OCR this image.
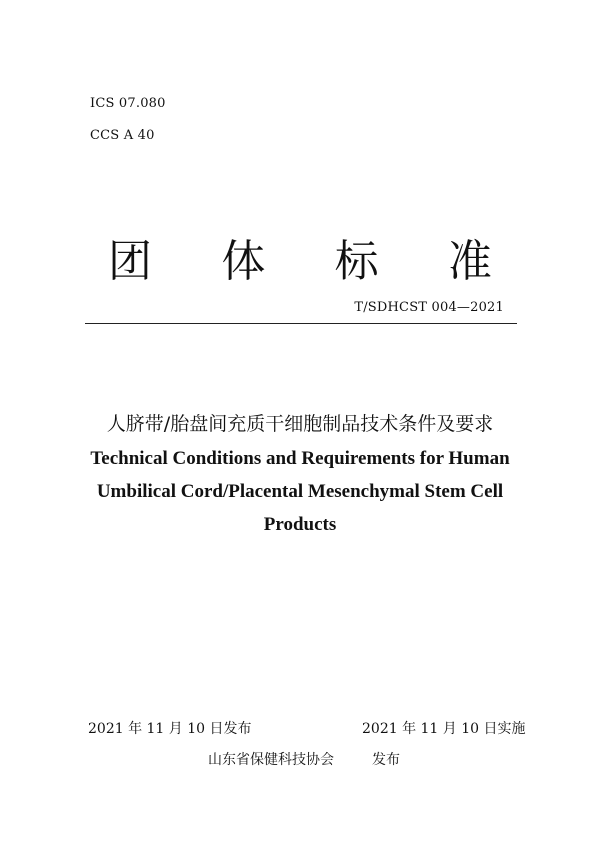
ICS 07.080
CCS A 40
团 体 标 准
T/SDHCST 004—2021

人脐带/胎盘间充质干细胞制品技术条件及要求

Technical Conditions and Requirements for Human

Umbilical Cord/Placental Mesenchymal Stem Cell

Products

2021 年 11 月 10 日发布	2021 年 11 月 10 日实施
山东省保健科技协会	发布
